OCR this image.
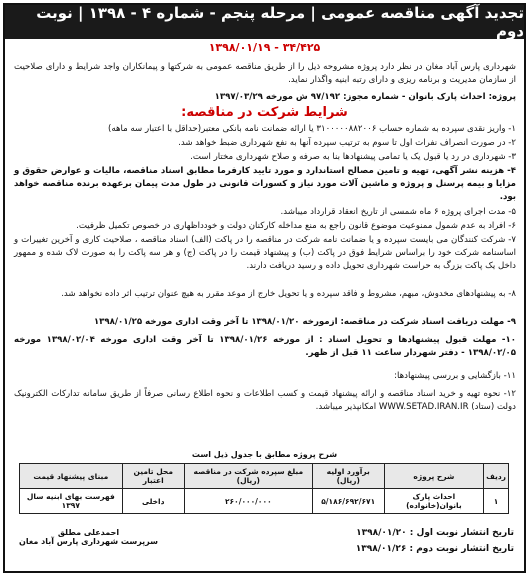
تجدید آگهی مناقصه عمومی | مرحله پنجم - شماره ۴ - ۱۳۹۸ | نوبت دوم
۳۴/۴۲۵ - ۱۳۹۸/۰۱/۱۹
شهرداری پارس آباد مغان در نظر دارد پروژه مشروحه ذیل را از طریق مناقصه عمومی به شرکتها و پیمانکاران واجد شرایط و دارای صلاحیت از سازمان مدیریت و برنامه ریزی و دارای رتبه ابنیه واگذار نماید.
پروژه: احداث پارک بانوان - شماره مجوز: ۹۷/۱۹۲ ش مورخه ۱۳۹۷/۰۳/۲۹
شرایط شرکت در مناقصه:
۱- واریز نقدی سپرده به شماره حساب ۳۱۰۰۰۰۰۸۸۲۰۰۶ یا ارائه ضمانت نامه بانکی معتبر(حداقل با اعتبار سه ماهه)
۲- در صورت انصراف نفرات اول تا سوم به ترتیب سپرده آنها به نفع شهرداری ضبط خواهد شد.
۳- شهرداری در رد یا قبول یک یا تمامی پیشنهادها بنا به صرفه و صلاح شهرداری مختار است.
۴- هزینه نشر آگهی، تهیه و تامین مصالح استاندارد و مورد تایید کارفرما مطابق اسناد مناقصه، مالیات و عوارض حقوق و مزایا و بیمه پرسنل و پروژه و ماشین آلات مورد نیاز و کسورات قانونی در طول مدت پیمان برعهده برنده مناقصه خواهد بود.
۵- مدت اجرای پروژه ۶ ماه شمسی از تاریخ انعقاد قرارداد میباشد.
۶- افراد به عدم شمول ممنوعیت موضوع قانون راجع به منع مداخله کارکنان دولت و خودداظهاری در خصوص تکمیل ظرفیت.
۷- شرکت کنندگان می بایست سپرده و یا ضمانت نامه شرکت در مناقصه را در پاکت (الف) اسناد مناقصه ، صلاحیت کاری و آخرین تغییرات و اساسنامه شرکت خود را براساس شرایط فوق در پاکت (ب) و پیشنهاد قیمت را در پاکت (ج) و هر سه پاکت را به صورت لاک شده و ممهور داخل یک پاکت بزرگ به حراست شهرداری تحویل داده و رسید دریافت دارند.
۸- به پیشنهادهای مخدوش، مبهم، مشروط و فاقد سپرده و یا تحویل خارج از موعد مقرر به هیچ عنوان ترتیب اثر داده نخواهد شد.
۹- مهلت دریافت اسناد شرکت در مناقصه: ازمورخه ۱۳۹۸/۰۱/۲۰ تا آخر وقت اداری مورخه ۱۳۹۸/۰۱/۲۵
۱۰- مهلت قبول پیشنهادها و تحویل اسناد : از مورخه ۱۳۹۸/۰۱/۲۶ تا آخر وقت اداری مورخه ۱۳۹۸/۰۲/۰۴ مورخه ۱۳۹۸/۰۲/۰۵ - دفتر شهردار ساعت ۱۱ قبل از ظهر.
۱۱- بازگشایی و بررسی پیشنهادها:
۱۲- نحوه تهیه و خرید اسناد مناقصه و ارائه پیشنهاد قیمت و کسب اطلاعات و نحوه اطلاع رسانی صرفاً از طریق سامانه تدارکات الکترونیک دولت (ستاد) WWW.SETAD.IRAN.IR امکانپذیر میباشد.
شرح پروژه مطابق با جدول ذیل است
ردیف	شرح پروژه	برآورد اولیه (ریال)	مبلغ سپرده شرکت در مناقصه (ریال)	محل تامین اعتبار	مبنای پیشنهاد قیمت
۱	احداث پارک بانوان(خانواده)	۵/۱۸۶/۶۹۲/۶۷۱	۲۶۰/۰۰۰/۰۰۰	داخلی	فهرست بهای ابنیه سال ۱۳۹۷
تاریخ انتشار نوبت اول : ۱۳۹۸/۰۱/۲۰
تاریخ انتشار نوبت دوم : ۱۳۹۸/۰۱/۲۶
احمدعلی مطلق
سرپرست شهرداری پارس آباد مغان
